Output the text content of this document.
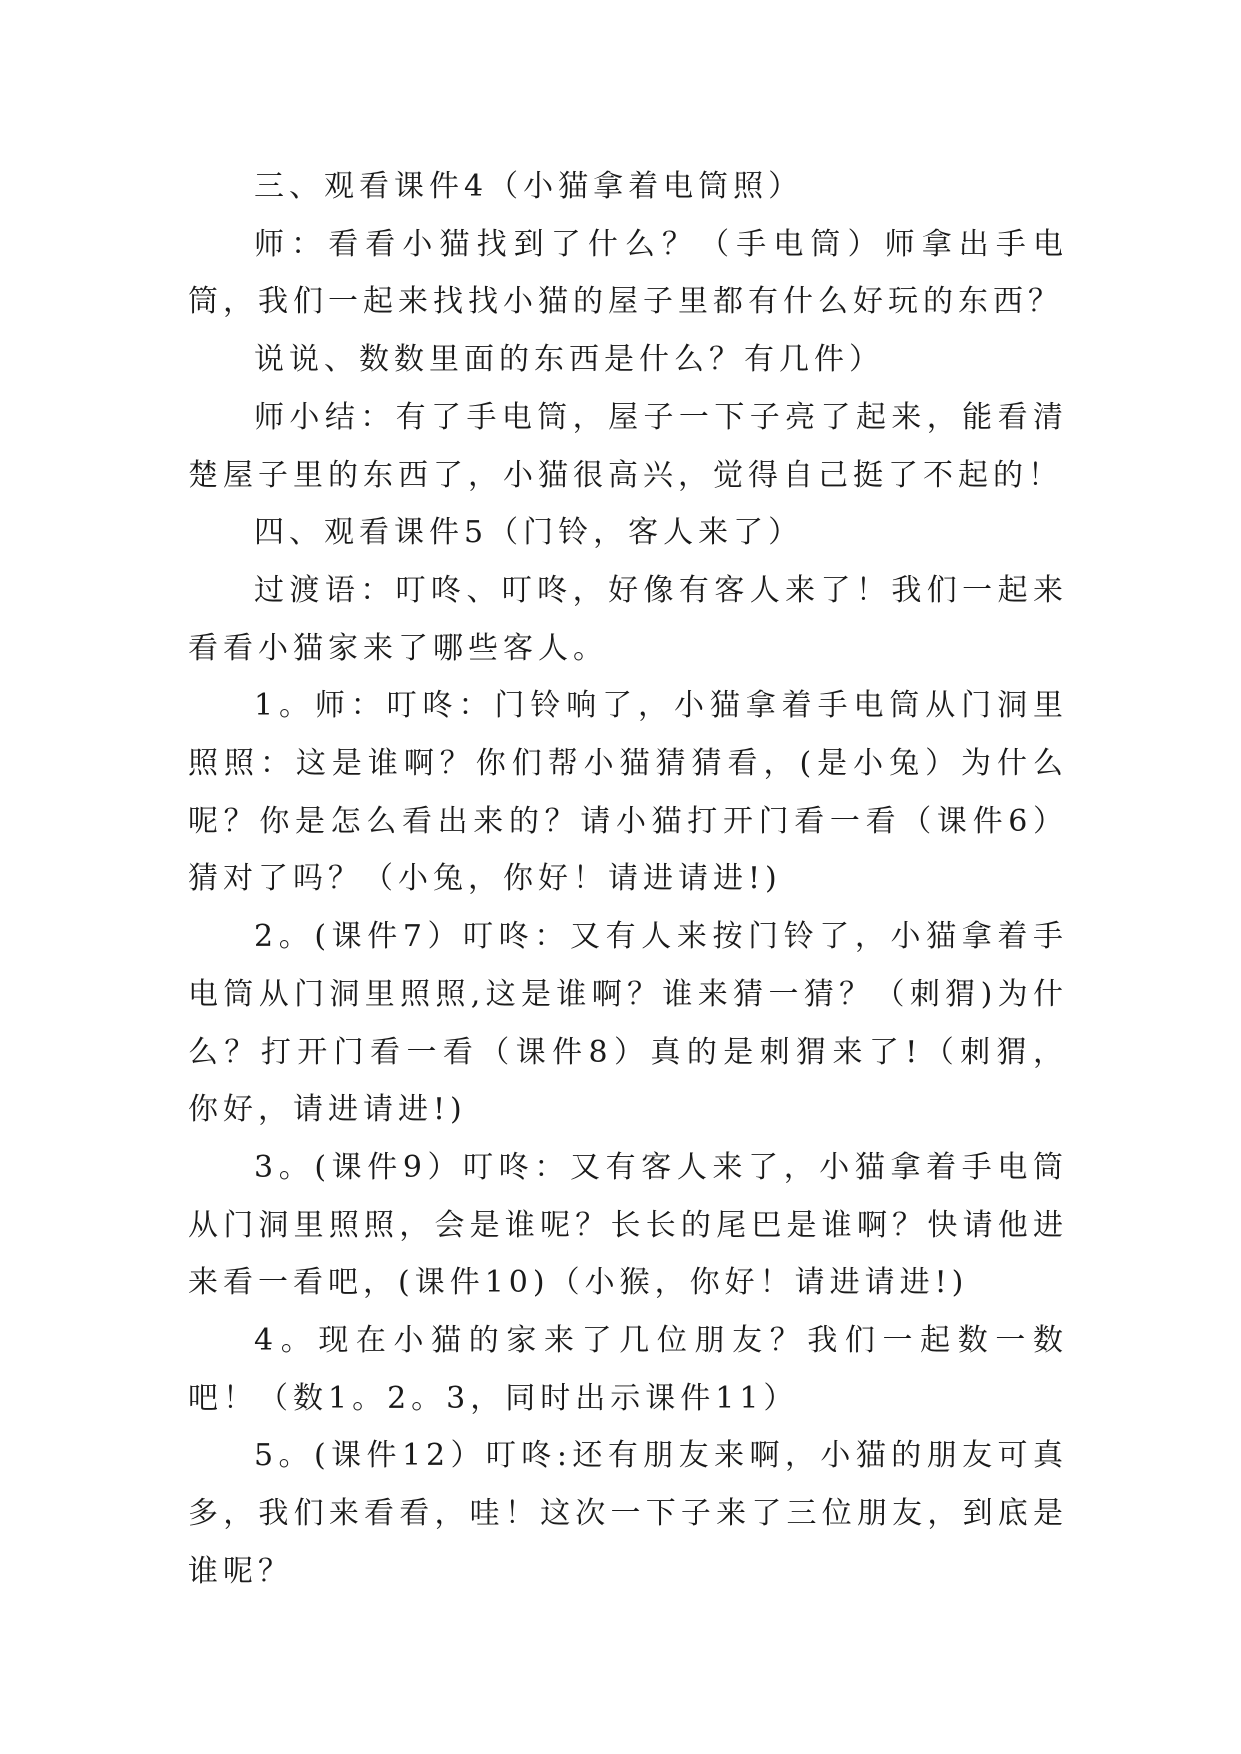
三、观看课件4（小猫拿着电筒照）

师：看看小猫找到了什么？（手电筒）师拿出手电筒，我们一起来找找小猫的屋子里都有什么好玩的东西？

说说、数数里面的东西是什么？有几件）

师小结：有了手电筒，屋子一下子亮了起来，能看清楚屋子里的东西了，小猫很高兴，觉得自己挺了不起的！

四、观看课件5（门铃，客人来了）

过渡语：叮咚、叮咚，好像有客人来了！我们一起来看看小猫家来了哪些客人。

1。师：叮咚：门铃响了，小猫拿着手电筒从门洞里照照：这是谁啊？你们帮小猫猜猜看，(是小兔）为什么呢？你是怎么看出来的？请小猫打开门看一看（课件6）猜对了吗？（小兔，你好！请进请进!)

2。(课件7）叮咚：又有人来按门铃了，小猫拿着手电筒从门洞里照照,这是谁啊？谁来猜一猜？（刺猬)为什么？打开门看一看（课件8）真的是刺猬来了!（刺猬，你好，请进请进!)

3。(课件9）叮咚：又有客人来了，小猫拿着手电筒从门洞里照照，会是谁呢？长长的尾巴是谁啊？快请他进来看一看吧，(课件10)（小猴，你好！请进请进!)

4。现在小猫的家来了几位朋友？我们一起数一数吧！（数1。2。3，同时出示课件11）

5。(课件12）叮咚:还有朋友来啊，小猫的朋友可真多，我们来看看，哇！这次一下子来了三位朋友，到底是谁呢？
